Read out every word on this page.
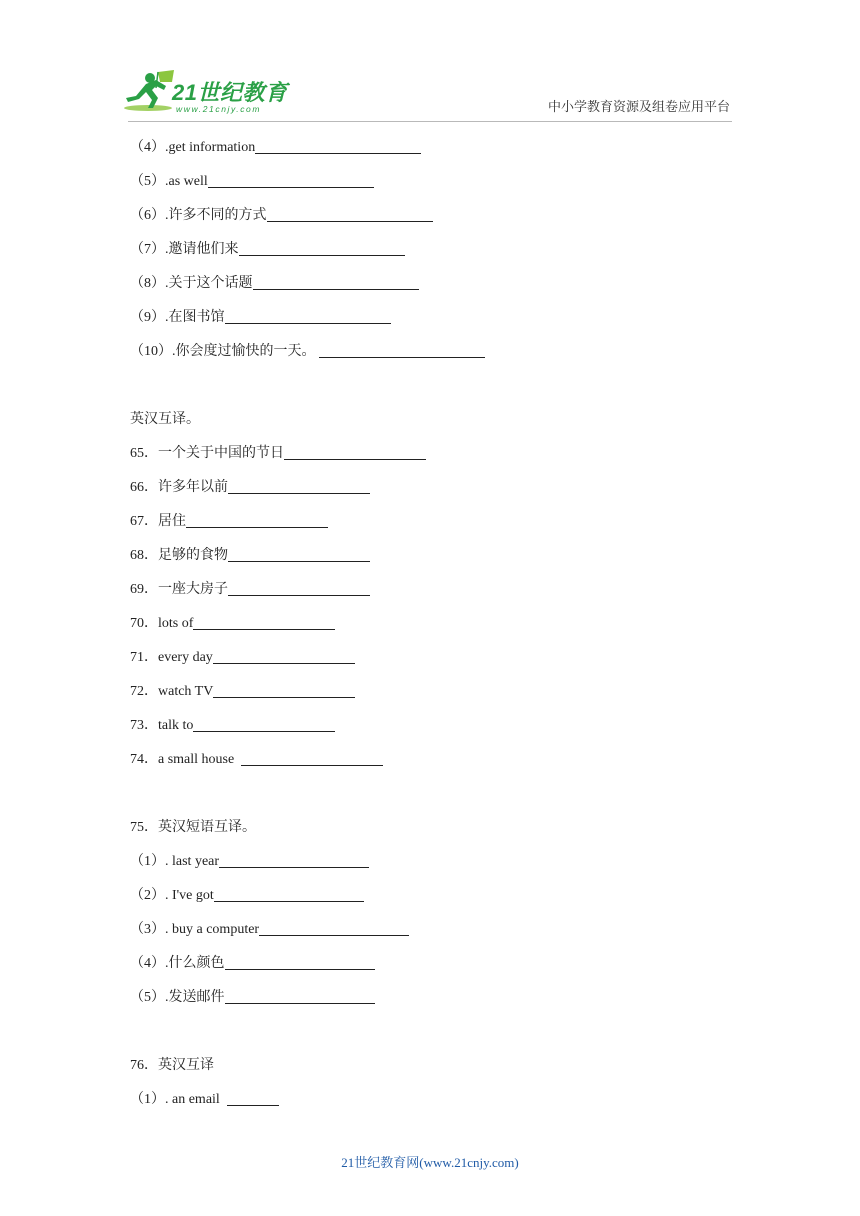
21世纪教育
www.21cnjy.com	中小学教育资源及组卷应用平台
（4）.get information
（5）.as well
（6）.许多不同的方式
（7）.邀请他们来
（8）.关于这个话题
（9）.在图书馆
（10）.你会度过愉快的一天。
英汉互译。
65．一个关于中国的节日
66．许多年以前
67．居住
68．足够的食物
69．一座大房子
70．lots of
71．every day
72．watch TV
73．talk to
74．a small house
75．英汉短语互译。
（1）. last year
（2）. I've got
（3）. buy a computer
（4）.什么颜色
（5）.发送邮件
76．英汉互译
（1）. an email
21世纪教育网(www.21cnjy.com)
